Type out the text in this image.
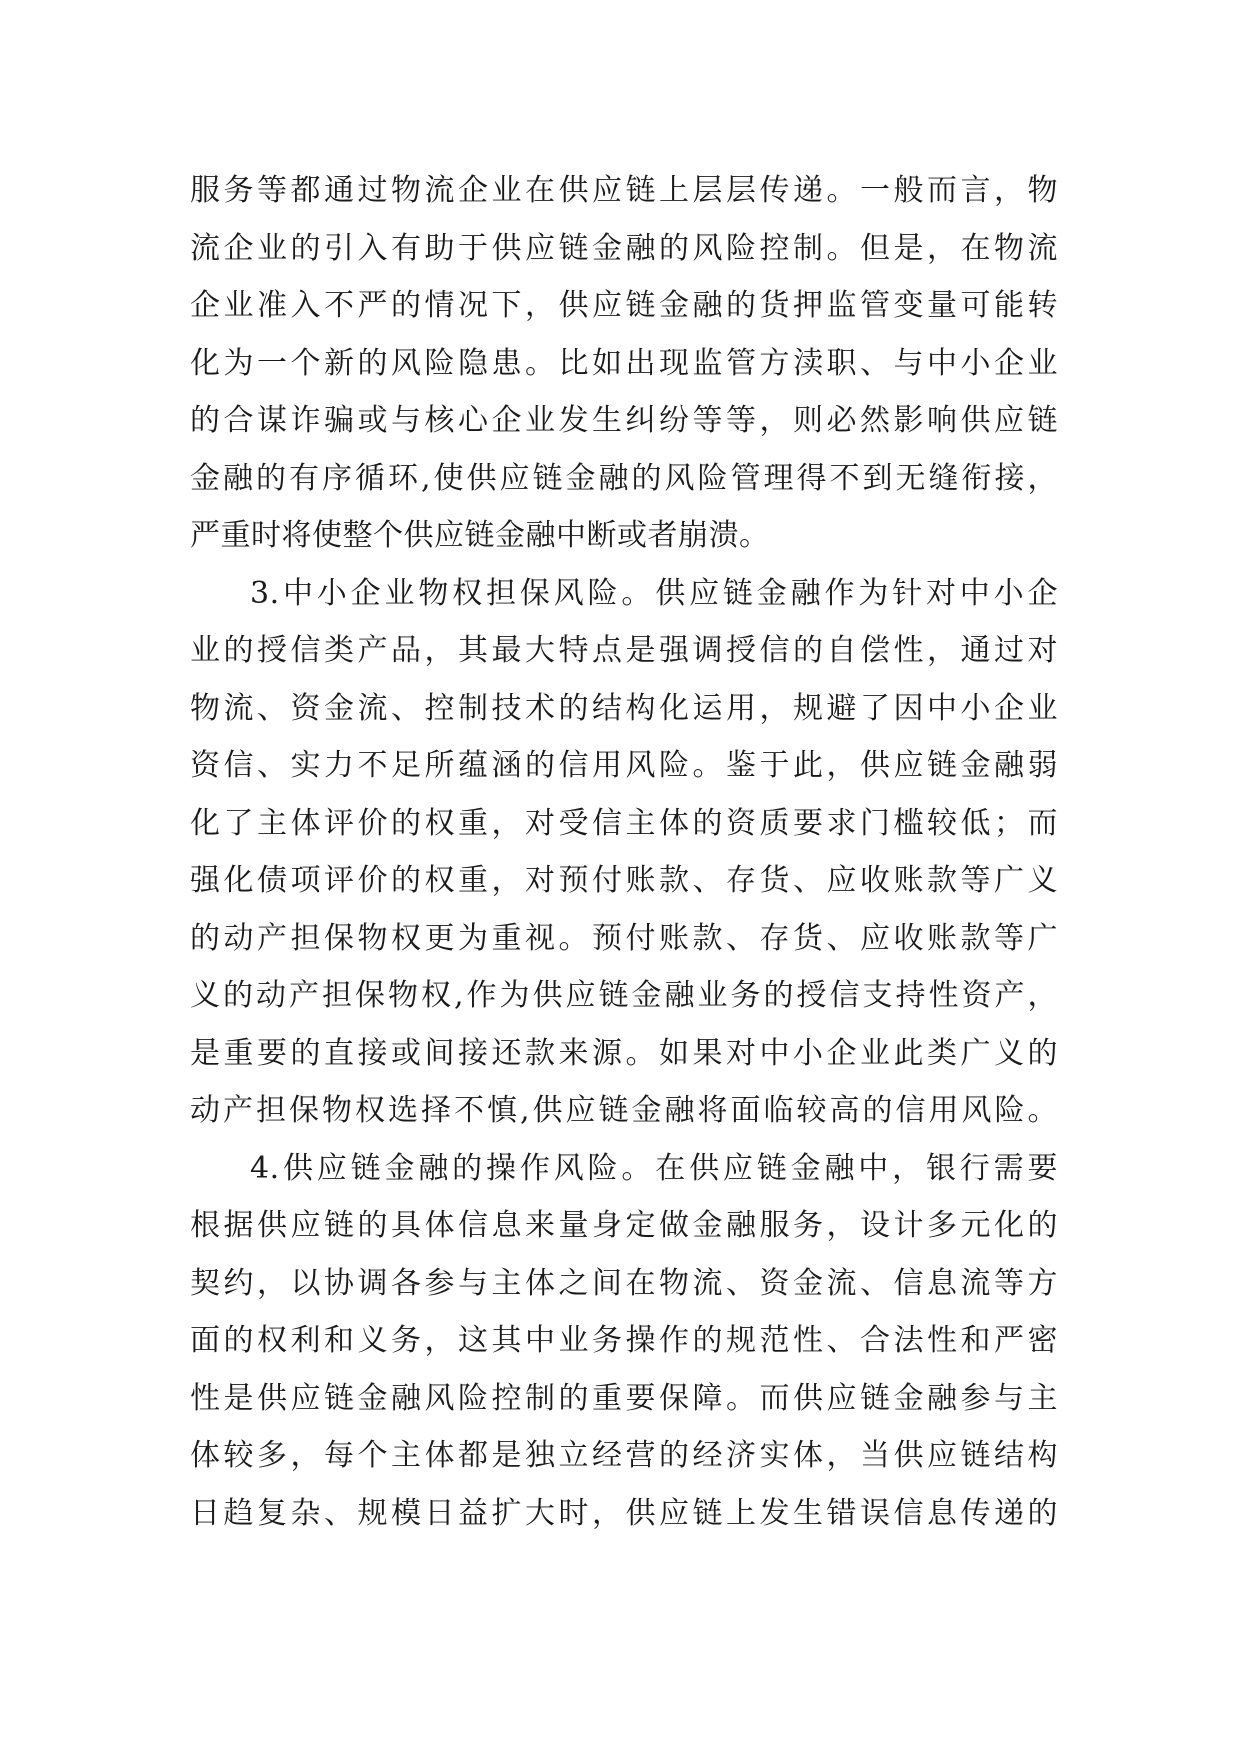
服务等都通过物流企业在供应链上层层传递。一般而言，物
流企业的引入有助于供应链金融的风险控制。但是，在物流
企业准入不严的情况下，供应链金融的货押监管变量可能转
化为一个新的风险隐患。比如出现监管方渎职、与中小企业
的合谋诈骗或与核心企业发生纠纷等等，则必然影响供应链
金融的有序循环,使供应链金融的风险管理得不到无缝衔接，
严重时将使整个供应链金融中断或者崩溃。
3.中小企业物权担保风险。供应链金融作为针对中小企
业的授信类产品，其最大特点是强调授信的自偿性，通过对
物流、资金流、控制技术的结构化运用，规避了因中小企业
资信、实力不足所蕴涵的信用风险。鉴于此，供应链金融弱
化了主体评价的权重，对受信主体的资质要求门槛较低；而
强化债项评价的权重，对预付账款、存货、应收账款等广义
的动产担保物权更为重视。预付账款、存货、应收账款等广
义的动产担保物权,作为供应链金融业务的授信支持性资产，
是重要的直接或间接还款来源。如果对中小企业此类广义的
动产担保物权选择不慎,供应链金融将面临较高的信用风险。
4.供应链金融的操作风险。在供应链金融中，银行需要
根据供应链的具体信息来量身定做金融服务，设计多元化的
契约，以协调各参与主体之间在物流、资金流、信息流等方
面的权利和义务，这其中业务操作的规范性、合法性和严密
性是供应链金融风险控制的重要保障。而供应链金融参与主
体较多，每个主体都是独立经营的经济实体，当供应链结构
日趋复杂、规模日益扩大时，供应链上发生错误信息传递的
